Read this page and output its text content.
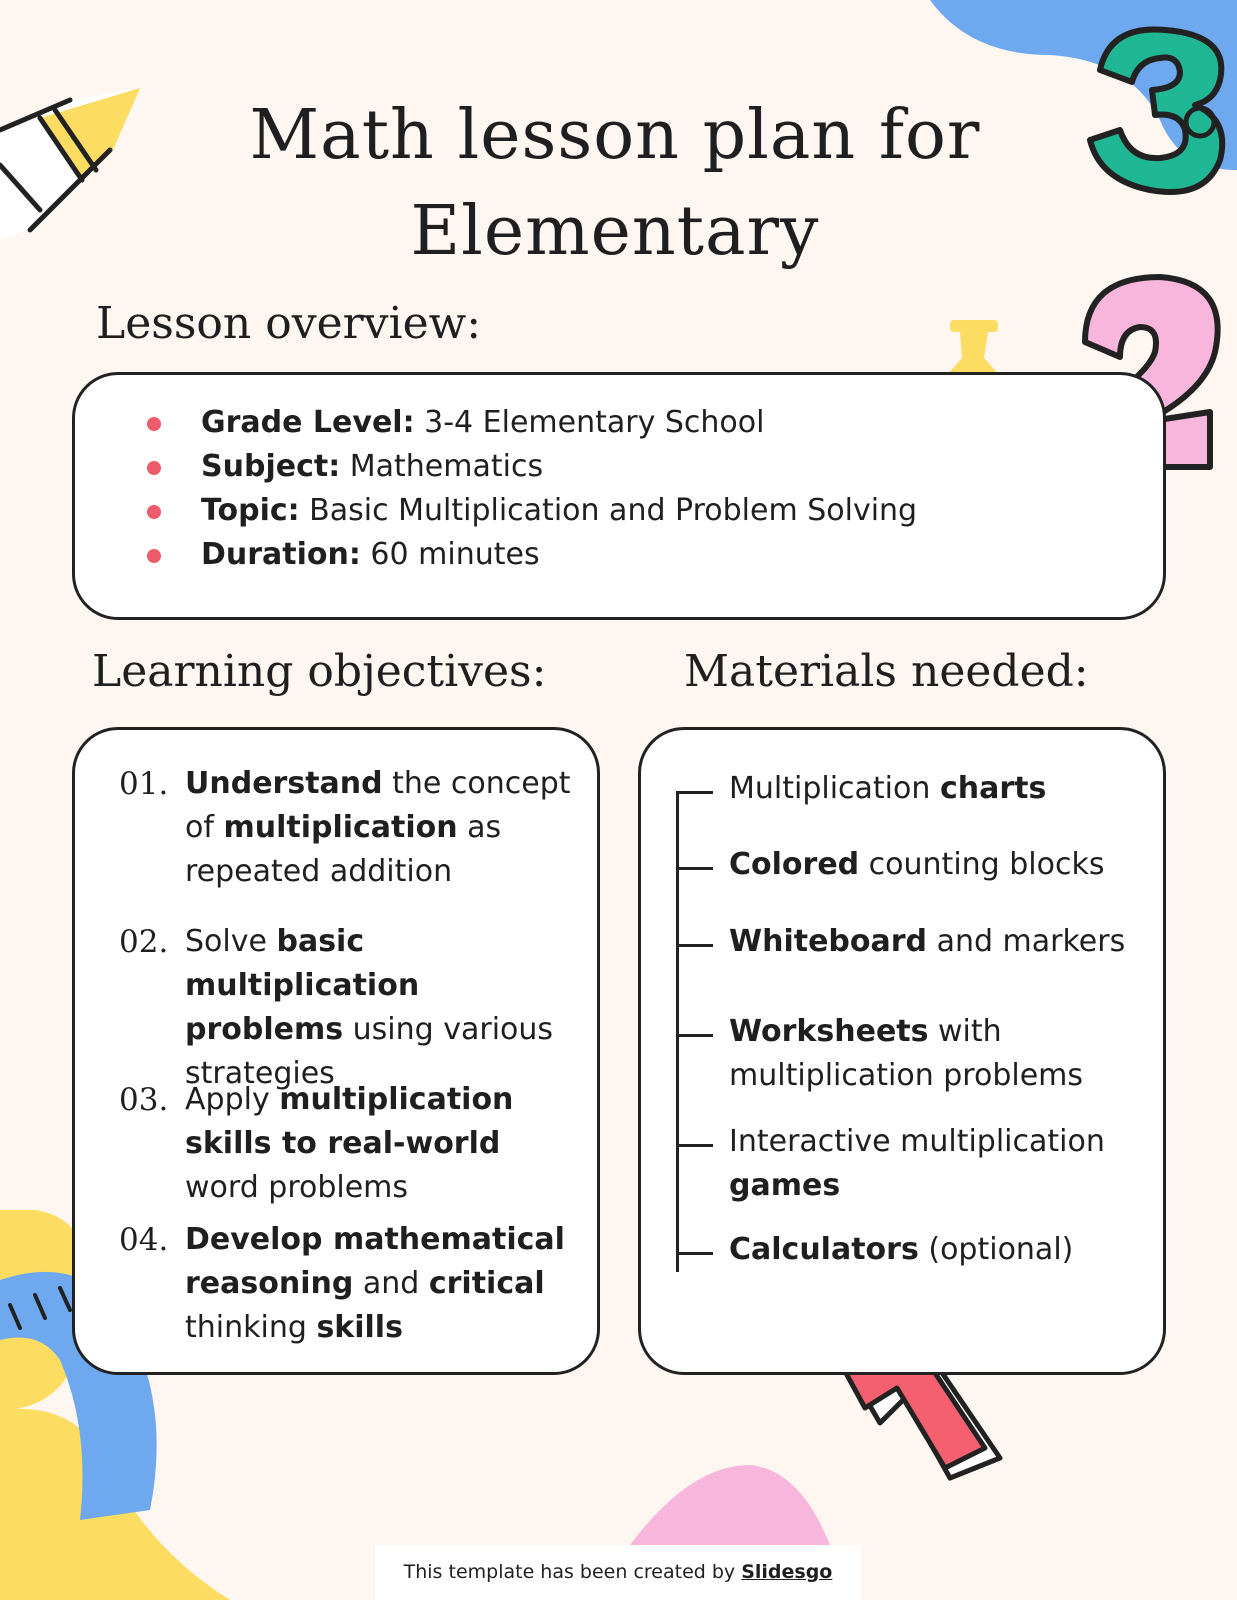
Math lesson plan for Elementary
Lesson overview:
Grade Level: 3-4 Elementary School
Subject: Mathematics
Topic: Basic Multiplication and Problem Solving
Duration: 60 minutes
Learning objectives:
01. Understand the concept of multiplication as repeated addition
02. Solve basic multiplication problems using various strategies
03. Apply multiplication skills to real-world word problems
04. Develop mathematical reasoning and critical thinking skills
Materials needed:
Multiplication charts
Colored counting blocks
Whiteboard and markers
Worksheets with multiplication problems
Interactive multiplication games
Calculators (optional)
This template has been created by Slidesgo
